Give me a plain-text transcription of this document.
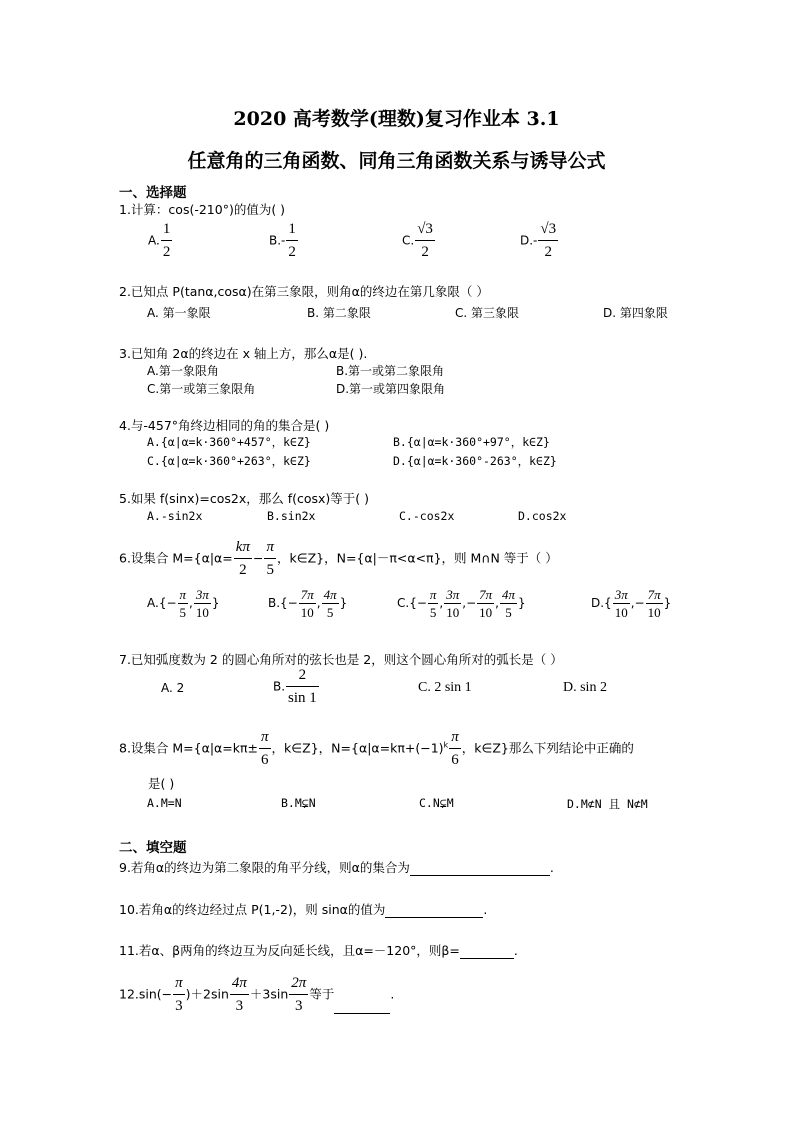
2020 高考数学(理数)复习作业本 3.1
任意角的三角函数、同角三角函数关系与诱导公式
一、选择题
1.计算：cos(-210°)的值为( )
A. $\frac{1}{2}$	$B.- \frac{1}{2}$	C. $\frac{√3}{2}$	$D.- \frac{√3}{2}$
2.已知点 P(tanα,cosα)在第三象限，则角α的终边在第几象限（ ）
A. 第一象限	B. 第二象限	C. 第三象限	D. 第四象限
3.已知角 2α的终边在 x 轴上方，那么α是( ).
A.第一象限角	B.第一或第二象限角
C.第一或第三象限角	D.第一或第四象限角
4.与-457°角终边相同的角的集合是( )
A.{α|α=k·360°+457°，k∈Z}	B.{α|α=k·360°+97°，k∈Z}
C.{α|α=k·360°+263°，k∈Z}	D.{α|α=k·360°-263°，k∈Z}
5.如果 f(sinx)=cos2x，那么 f(cosx)等于( )
A.-sin2x	B.sin2x	C.-cos2x	D.cos2x
6.设集合 $M=\{\alpha|\alpha= \frac{k\pi}{2} - \frac{\pi}{5}$ ，k∈Z}，N={α|－π<α<π}，则 M∩N 等于（ ）
$A.\{- \frac{\pi}{5}$ , $\frac{3\pi}{10}$ }	$B.\{- \frac{7\pi}{10}$ , $\frac{4\pi}{5}$ }	$C.\{- \frac{\pi}{5}$ , $\frac{3\pi}{10}$ ,− $\frac{7\pi}{10}$ , $\frac{4\pi}{5}$ }	$D.\{ \frac{3\pi}{10}$ ,− $\frac{7\pi}{10}$ }
7.已知弧度数为 2 的圆心角所对的弦长也是 2，则这个圆心角所对的弧长是（ ）
A. 2	B. $\frac{2}{\sin 1}$	C. 2 sin 1	D. sin 2
8.设集合 $M=\{\alpha|\alpha=k\pi\pm \frac{\pi}{6}$ ，k∈Z}，$N=\{\alpha|\alpha=k\pi+(-1)^k \frac{\pi}{6}$ ，k∈Z}那么下列结论中正确的
是( )
A.M=N	B.M⊊N	C.N⊊M	D.M⊄N 且 N⊄M
二、填空题
9.若角α的终边为第二象限的角平分线，则α的集合为	.
10.若角α的终边经过点 P(1,-2)，则 sinα的值为	.
11.若α、β两角的终边互为反向延长线，且α=－120°，则β=	.
$12.\sin(- \frac{\pi}{3} )+2\sin \frac{4\pi}{3} +3\sin \frac{2\pi}{3}$ 等于	.
